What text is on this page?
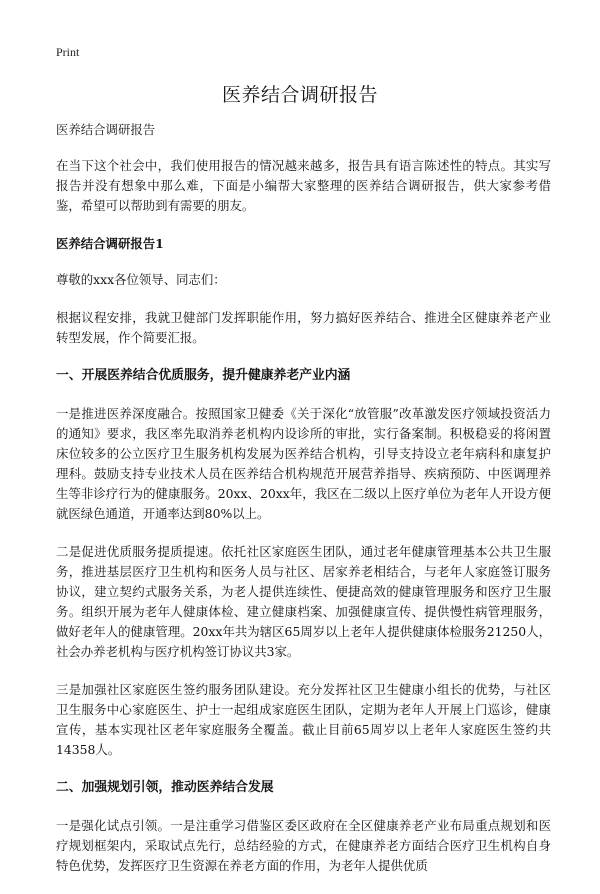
Print
医养结合调研报告

医养结合调研报告

在当下这个社会中，我们使用报告的情况越来越多，报告具有语言陈述性的特点。其实写报告并没有想象中那么难，下面是小编帮大家整理的医养结合调研报告，供大家参考借鉴，希望可以帮助到有需要的朋友。

医养结合调研报告1

尊敬的xxx各位领导、同志们：

根据议程安排，我就卫健部门发挥职能作用，努力搞好医养结合、推进全区健康养老产业转型发展，作个简要汇报。

一、开展医养结合优质服务，提升健康养老产业内涵

一是推进医养深度融合。按照国家卫健委《关于深化“放管服”改革激发医疗领域投资活力的通知》要求，我区率先取消养老机构内设诊所的审批，实行备案制。积极稳妥的将闲置床位较多的公立医疗卫生服务机构发展为医养结合机构，引导支持设立老年病科和康复护理科。鼓励支持专业技术人员在医养结合机构规范开展营养指导、疾病预防、中医调理养生等非诊疗行为的健康服务。20xx、20xx年，我区在二级以上医疗单位为老年人开设方便就医绿色通道，开通率达到80%以上。

二是促进优质服务提质提速。依托社区家庭医生团队，通过老年健康管理基本公共卫生服务，推进基层医疗卫生机构和医务人员与社区、居家养老相结合，与老年人家庭签订服务协议，建立契约式服务关系，为老人提供连续性、便捷高效的健康管理服务和医疗卫生服务。组织开展为老年人健康体检、建立健康档案、加强健康宣传、提供慢性病管理服务，做好老年人的健康管理。20xx年共为辖区65周岁以上老年人提供健康体检服务21250人，社会办养老机构与医疗机构签订协议共3家。

三是加强社区家庭医生签约服务团队建设。充分发挥社区卫生健康小组长的优势，与社区卫生服务中心家庭医生、护士一起组成家庭医生团队，定期为老年人开展上门巡诊，健康宣传，基本实现社区老年家庭服务全覆盖。截止目前65周岁以上老年人家庭医生签约共14358人。

二、加强规划引领，推动医养结合发展

一是强化试点引领。一是注重学习借鉴区委区政府在全区健康养老产业布局重点规划和医疗规划框架内，采取试点先行，总结经验的方式，在健康养老方面结合医疗卫生机构自身特色优势，发挥医疗卫生资源在养老方面的作用，为老年人提供优质
